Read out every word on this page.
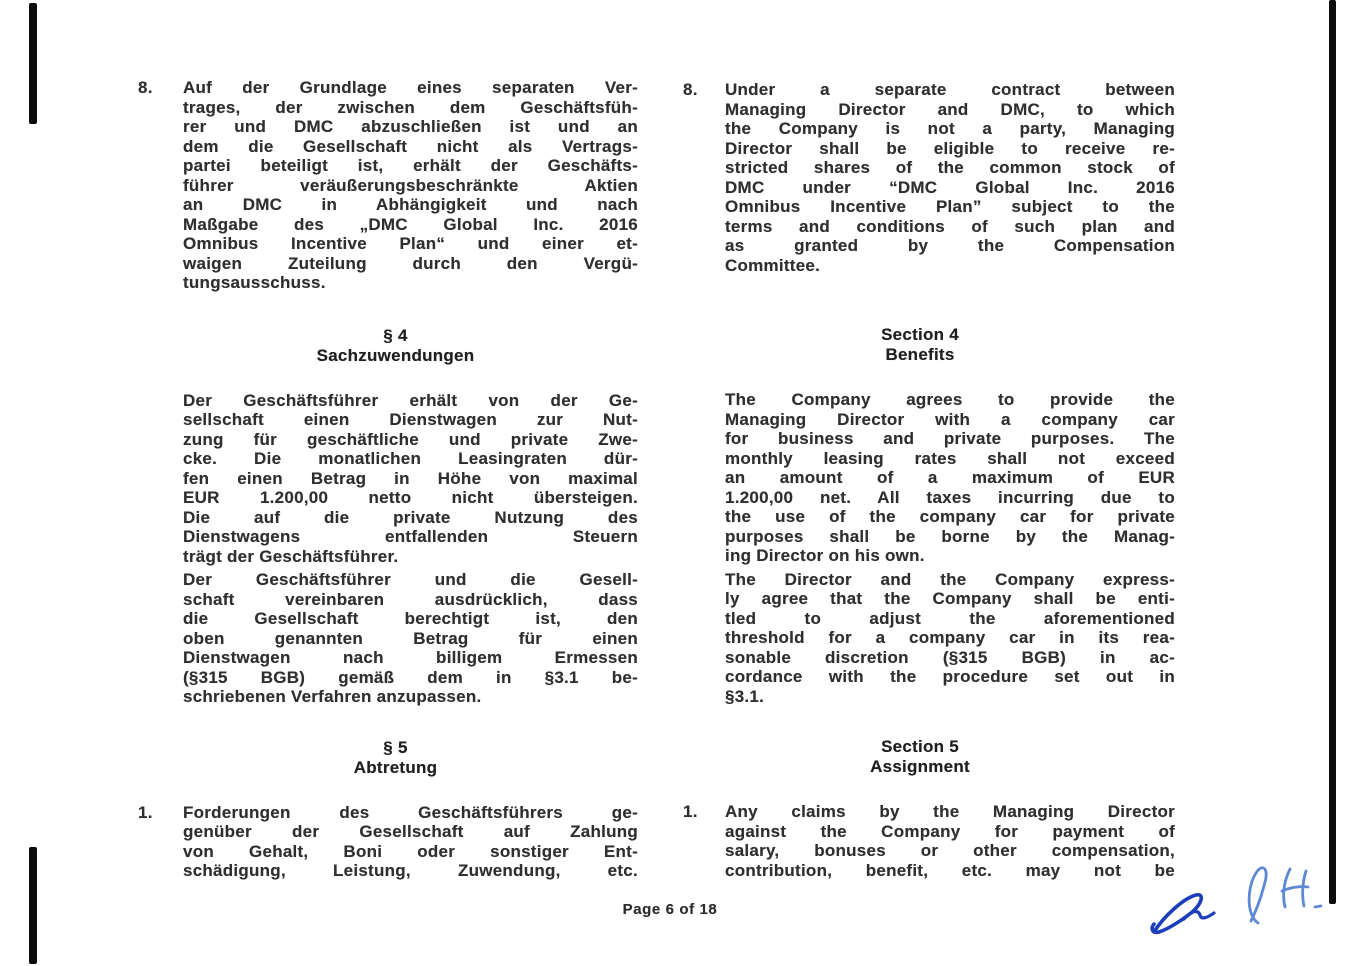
8.	Auf der Grundlage eines separaten Ver-
trages, der zwischen dem Geschäftsfüh-
rer und DMC abzuschließen ist und an
dem die Gesellschaft nicht als Vertrags-
partei beteiligt ist, erhält der Geschäfts-
führer veräußerungsbeschränkte Aktien
an DMC in Abhängigkeit und nach
Maßgabe des „DMC Global Inc. 2016
Omnibus Incentive Plan“ und einer et-
waigen Zuteilung durch den Vergü-
tungsausschuss.
§ 4
Sachzuwendungen
Der Geschäftsführer erhält von der Ge-
sellschaft einen Dienstwagen zur Nut-
zung für geschäftliche und private Zwe-
cke. Die monatlichen Leasingraten dür-
fen einen Betrag in Höhe von maximal
EUR 1.200,00 netto nicht übersteigen.
Die auf die private Nutzung des
Dienstwagens entfallenden Steuern
trägt der Geschäftsführer.
Der Geschäftsführer und die Gesell-
schaft vereinbaren ausdrücklich, dass
die Gesellschaft berechtigt ist, den
oben genannten Betrag für einen
Dienstwagen nach billigem Ermessen
(§315 BGB) gemäß dem in §3.1 be-
schriebenen Verfahren anzupassen.
§ 5
Abtretung
1.	Forderungen des Geschäftsführers ge-
genüber der Gesellschaft auf Zahlung
von Gehalt, Boni oder sonstiger Ent-
schädigung, Leistung, Zuwendung, etc.
8.	Under a separate contract between
Managing Director and DMC, to which
the Company is not a party, Managing
Director shall be eligible to receive re-
stricted shares of the common stock of
DMC under “DMC Global Inc. 2016
Omnibus Incentive Plan” subject to the
terms and conditions of such plan and
as granted by the Compensation
Committee.
Section 4
Benefits
The Company agrees to provide the
Managing Director with a company car
for business and private purposes. The
monthly leasing rates shall not exceed
an amount of a maximum of EUR
1.200,00 net. All taxes incurring due to
the use of the company car for private
purposes shall be borne by the Manag-
ing Director on his own.
The Director and the Company express-
ly agree that the Company shall be enti-
tled to adjust the aforementioned
threshold for a company car in its rea-
sonable discretion (§315 BGB) in ac-
cordance with the procedure set out in
§3.1.
Section 5
Assignment
1.	Any claims by the Managing Director
against the Company for payment of
salary, bonuses or other compensation,
contribution, benefit, etc. may not be
Page 6 of 18
